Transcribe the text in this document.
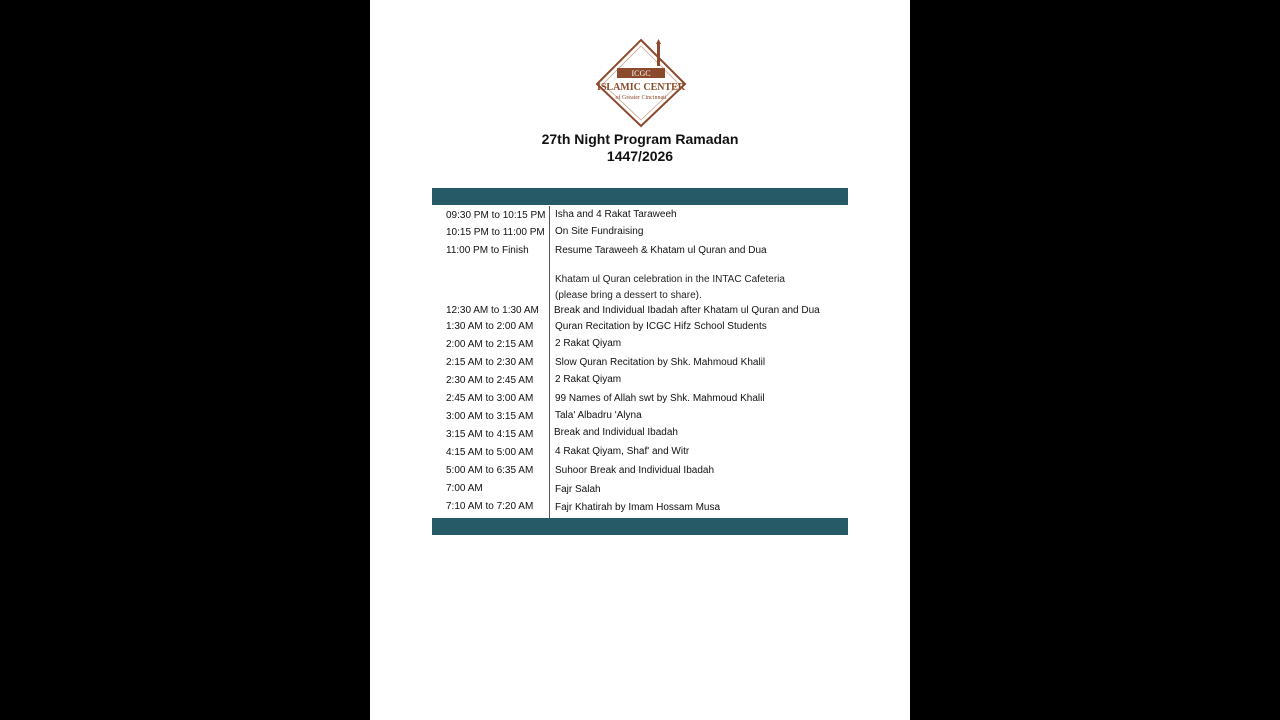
ICGC
ISLAMIC CENTER
of Greater Cincinnati
27th Night Program Ramadan
1447/2026
09:30 PM to 10:15 PM Isha and 4 Rakat Taraweeh
10:15 PM to 11:00 PM On Site Fundraising
11:00 PM to Finish	Resume Taraweeh & Khatam ul Quran and Dua
Khatam ul Quran celebration in the INTAC Cafeteria
(please bring a dessert to share).
12:30 AM to 1:30 AM Break and Individual Ibadah after Khatam ul Quran and Dua
1:30 AM to 2:00 AM Quran Recitation by ICGC Hifz School Students
2:00 AM to 2:15 AM 2 Rakat Qiyam
2:15 AM to 2:30 AM Slow Quran Recitation by Shk. Mahmoud Khalil
2:30 AM to 2:45 AM 2 Rakat Qiyam
2:45 AM to 3:00 AM 99 Names of Allah swt by Shk. Mahmoud Khalil
3:00 AM to 3:15 AM Tala' Albadru 'Alyna
3:15 AM to 4:15 AM Break and Individual Ibadah
4:15 AM to 5:00 AM 4 Rakat Qiyam, Shaf' and Witr
5:00 AM to 6:35 AM Suhoor Break and Individual Ibadah
7:00 AM	Fajr Salah
7:10 AM to 7:20 AM Fajr Khatirah by Imam Hossam Musa
